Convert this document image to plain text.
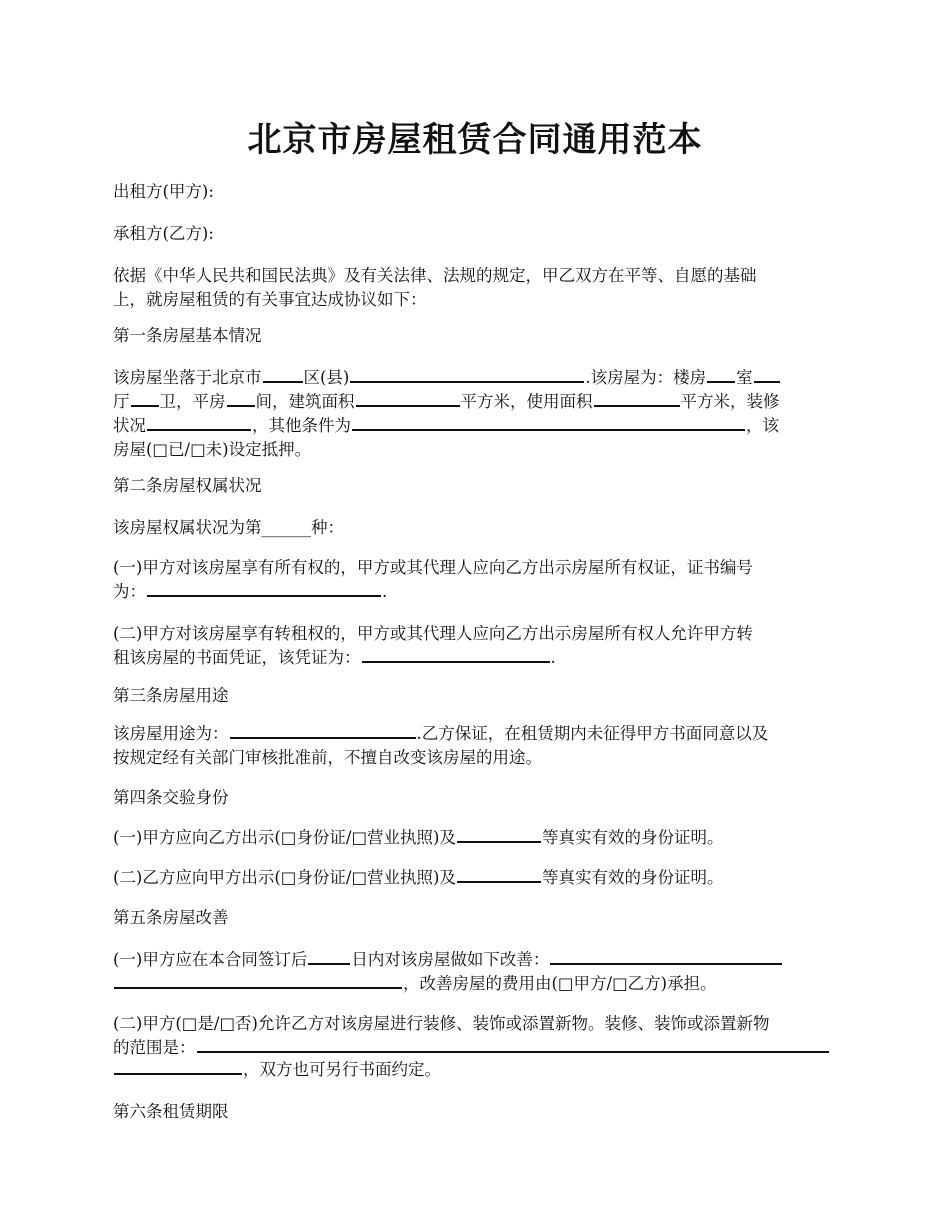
北京市房屋租赁合同通用范本

出租方(甲方):

承租方(乙方):

依据《中华人民共和国民法典》及有关法律、法规的规定，甲乙双方在平等、自愿的基础

上，就房屋租赁的有关事宜达成协议如下：

第一条房屋基本情况

该房屋坐落于北京市	区(县)	.该房屋为：楼房 室

厅 卫，平房 间，建筑面积	平方米，使用面积	平方米，装修

状况	，其他条件为	，该

房屋(□已/□未)设定抵押。

第二条房屋权属状况

该房屋权属状况为第______种：

(一)甲方对该房屋享有所有权的，甲方或其代理人应向乙方出示房屋所有权证，证书编号

为：	.

(二)甲方对该房屋享有转租权的，甲方或其代理人应向乙方出示房屋所有权人允许甲方转

租该房屋的书面凭证，该凭证为：	.

第三条房屋用途

该房屋用途为：	.乙方保证，在租赁期内未征得甲方书面同意以及

按规定经有关部门审核批准前，不擅自改变该房屋的用途。

第四条交验身份

(一)甲方应向乙方出示(□身份证/□营业执照)及	等真实有效的身份证明。

(二)乙方应向甲方出示(□身份证/□营业执照)及	等真实有效的身份证明。

第五条房屋改善

(一)甲方应在本合同签订后	日内对该房屋做如下改善：

，改善房屋的费用由(□甲方/□乙方)承担。

(二)甲方(□是/□否)允许乙方对该房屋进行装修、装饰或添置新物。装修、装饰或添置新物

的范围是：

，双方也可另行书面约定。

第六条租赁期限
